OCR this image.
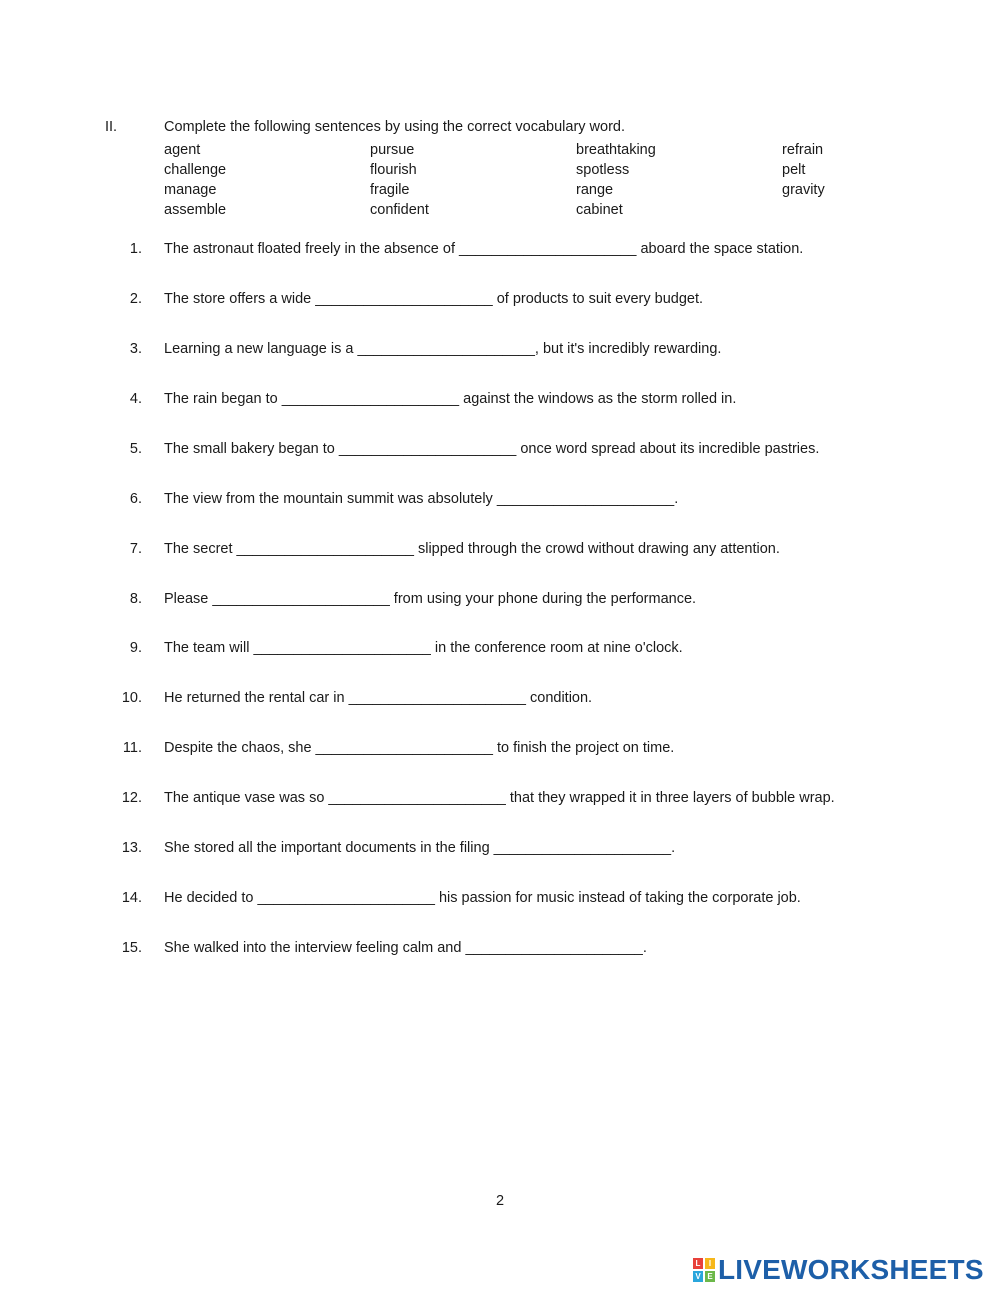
II.	Complete the following sentences by using the correct vocabulary word.
agent	pursue	breathtaking	refrain
challenge	flourish	spotless	pelt
manage	fragile	range	gravity
assemble	confident	cabinet
1. The astronaut floated freely in the absence of ______________________ aboard the space station.
2. The store offers a wide ______________________ of products to suit every budget.
3. Learning a new language is a ______________________, but it's incredibly rewarding.
4. The rain began to ______________________ against the windows as the storm rolled in.
5. The small bakery began to ______________________ once word spread about its incredible pastries.
6. The view from the mountain summit was absolutely ______________________.
7. The secret ______________________ slipped through the crowd without drawing any attention.
8. Please ______________________ from using your phone during the performance.
9. The team will ______________________ in the conference room at nine o'clock.
10. He returned the rental car in ______________________ condition.
11. Despite the chaos, she ______________________ to finish the project on time.
12. The antique vase was so ______________________ that they wrapped it in three layers of bubble wrap.
13. She stored all the important documents in the filing ______________________.
14. He decided to ______________________ his passion for music instead of taking the corporate job.
15. She walked into the interview feeling calm and ______________________.
2
L	I
V E LIVEWORKSHEETS
